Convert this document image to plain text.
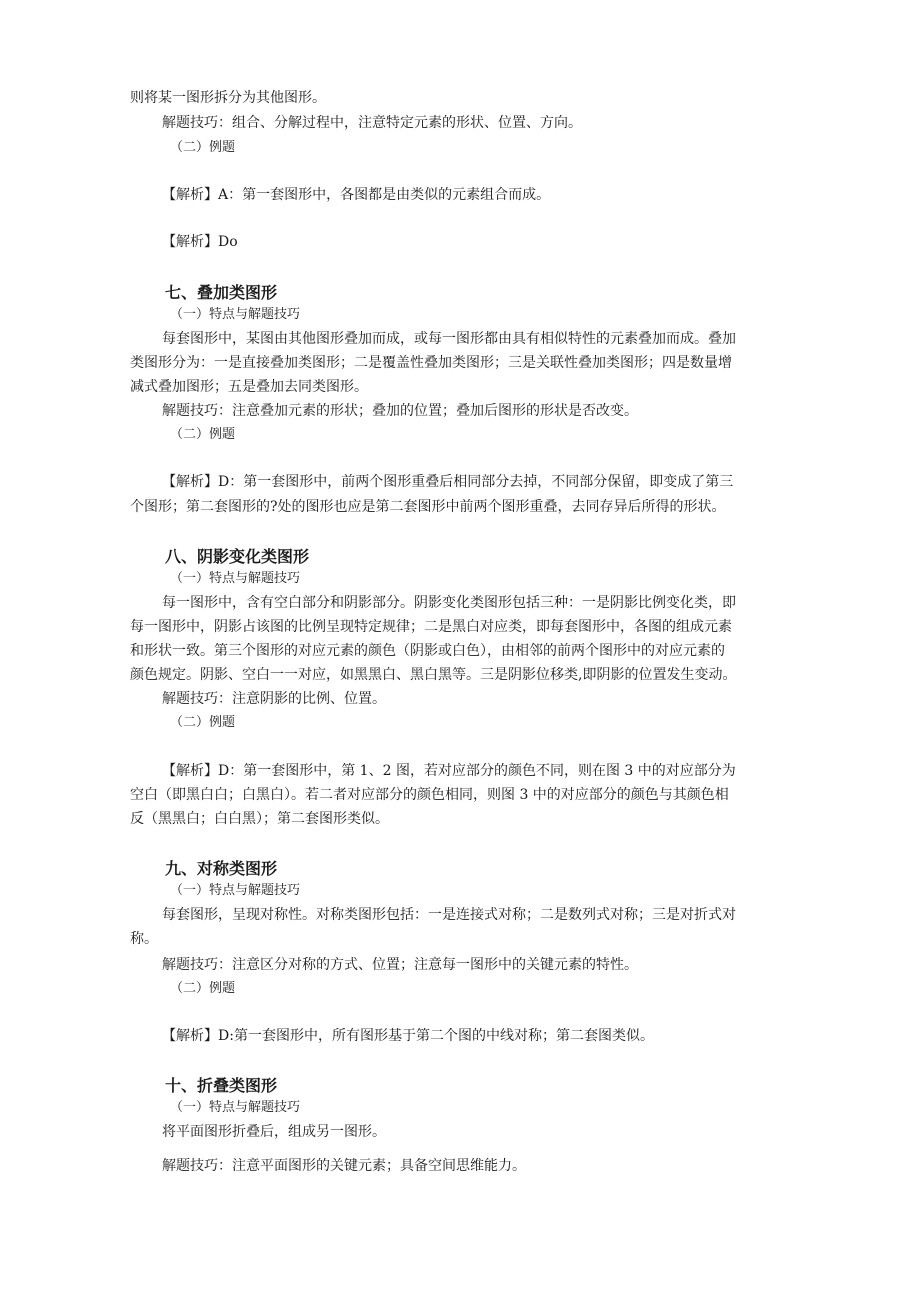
则将某一图形拆分为其他图形。
解题技巧：组合、分解过程中，注意特定元素的形状、位置、方向。
（二）例题
【解析】A：第一套图形中，各图都是由类似的元素组合而成。
【解析】Do
七、叠加类图形
（一）特点与解题技巧
每套图形中，某图由其他图形叠加而成，或每一图形都由具有相似特性的元素叠加而成。叠加
类图形分为：一是直接叠加类图形；二是覆盖性叠加类图形；三是关联性叠加类图形；四是数量增
减式叠加图形；五是叠加去同类图形。
解题技巧：注意叠加元素的形状；叠加的位置；叠加后图形的形状是否改变。
（二）例题
【解析】D：第一套图形中，前两个图形重叠后相同部分去掉，不同部分保留，即变成了第三
个图形；第二套图形的?处的图形也应是第二套图形中前两个图形重叠，去同存异后所得的形状。
八、阴影变化类图形
（一）特点与解题技巧
每一图形中，含有空白部分和阴影部分。阴影变化类图形包括三种：一是阴影比例变化类，即
每一图形中，阴影占该图的比例呈现特定规律；二是黑白对应类，即每套图形中，各图的组成元素
和形状一致。第三个图形的对应元素的颜色（阴影或白色），由相邻的前两个图形中的对应元素的
颜色规定。阴影、空白一一对应，如黑黑白、黑白黑等。三是阴影位移类,即阴影的位置发生变动。
解题技巧：注意阴影的比例、位置。
（二）例题
【解析】D：第一套图形中，第 1、2 图，若对应部分的颜色不同，则在图 3 中的对应部分为
空白（即黑白白；白黑白）。若二者对应部分的颜色相同，则图 3 中的对应部分的颜色与其颜色相
反（黑黑白；白白黑）；第二套图形类似。
九、对称类图形
（一）特点与解题技巧
每套图形，呈现对称性。对称类图形包括：一是连接式对称；二是数列式对称；三是对折式对
称。
解题技巧：注意区分对称的方式、位置；注意每一图形中的关键元素的特性。
（二）例题
【解析】D:第一套图形中，所有图形基于第二个图的中线对称；第二套图类似。
十、折叠类图形
（一）特点与解题技巧
将平面图形折叠后，组成另一图形。
解题技巧：注意平面图形的关键元素；具备空间思维能力。
